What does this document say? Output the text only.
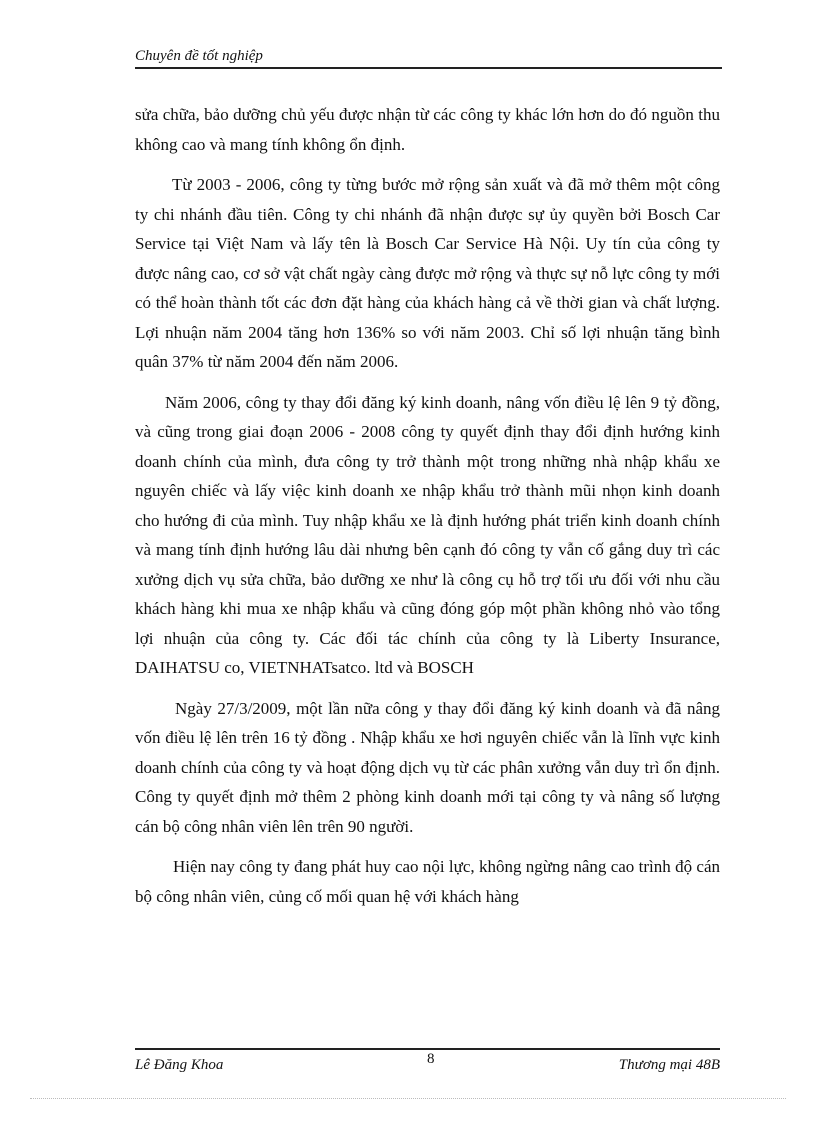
Chuyên đề tốt nghiệp

sửa chữa, bảo dưỡng chủ yếu được nhận từ các công ty khác lớn hơn do đó nguồn thu không cao và mang tính không ổn định.

Từ 2003 - 2006, công ty từng bước mở rộng sản xuất và đã mở thêm một công ty chi nhánh đầu tiên. Công ty chi nhánh đã nhận được sự ủy quyền bởi Bosch Car Service tại Việt Nam và lấy tên là Bosch Car Service Hà Nội. Uy tín của công ty được nâng cao, cơ sở vật chất ngày càng được mở rộng và thực sự nỗ lực công ty mới có thể hoàn thành tốt các đơn đặt hàng của khách hàng cả về thời gian và chất lượng. Lợi nhuận năm 2004 tăng hơn 136% so với năm 2003. Chỉ số lợi nhuận tăng bình quân 37% từ năm 2004 đến năm 2006.

Năm 2006, công ty thay đổi đăng ký kinh doanh, nâng vốn điều lệ lên 9 tỷ đồng, và cũng trong giai đoạn 2006 - 2008 công ty quyết định thay đổi định hướng kinh doanh chính của mình, đưa công ty trở thành một trong những nhà nhập khẩu xe nguyên chiếc và lấy việc kinh doanh xe nhập khẩu trở thành mũi nhọn kinh doanh cho hướng đi của mình. Tuy nhập khẩu xe là định hướng phát triển kinh doanh chính và mang tính định hướng lâu dài nhưng bên cạnh đó công ty vẫn cố gắng duy trì các xưởng dịch vụ sửa chữa, bảo dưỡng xe như là công cụ hỗ trợ tối ưu đối với nhu cầu khách hàng khi mua xe nhập khẩu và cũng đóng góp một phần không nhỏ vào tổng lợi nhuận của công ty. Các đối tác chính của công ty là Liberty Insurance, DAIHATSU co, VIETNHATsatco. ltd và BOSCH

Ngày 27/3/2009, một lần nữa công y thay đổi đăng ký kinh doanh và đã nâng vốn điều lệ lên trên 16 tỷ đồng . Nhập khẩu xe hơi nguyên chiếc vẫn là lĩnh vực kinh doanh chính của công ty và hoạt động dịch vụ từ các phân xưởng vẫn duy trì ổn định. Công ty quyết định mở thêm 2 phòng kinh doanh mới tại công ty và nâng số lượng cán bộ công nhân viên lên trên 90 người.

Hiện nay công ty đang phát huy cao nội lực, không ngừng nâng cao trình độ cán bộ công nhân viên, củng cố mối quan hệ với khách hàng

Lê Đăng Khoa	8	Thương mại 48B
